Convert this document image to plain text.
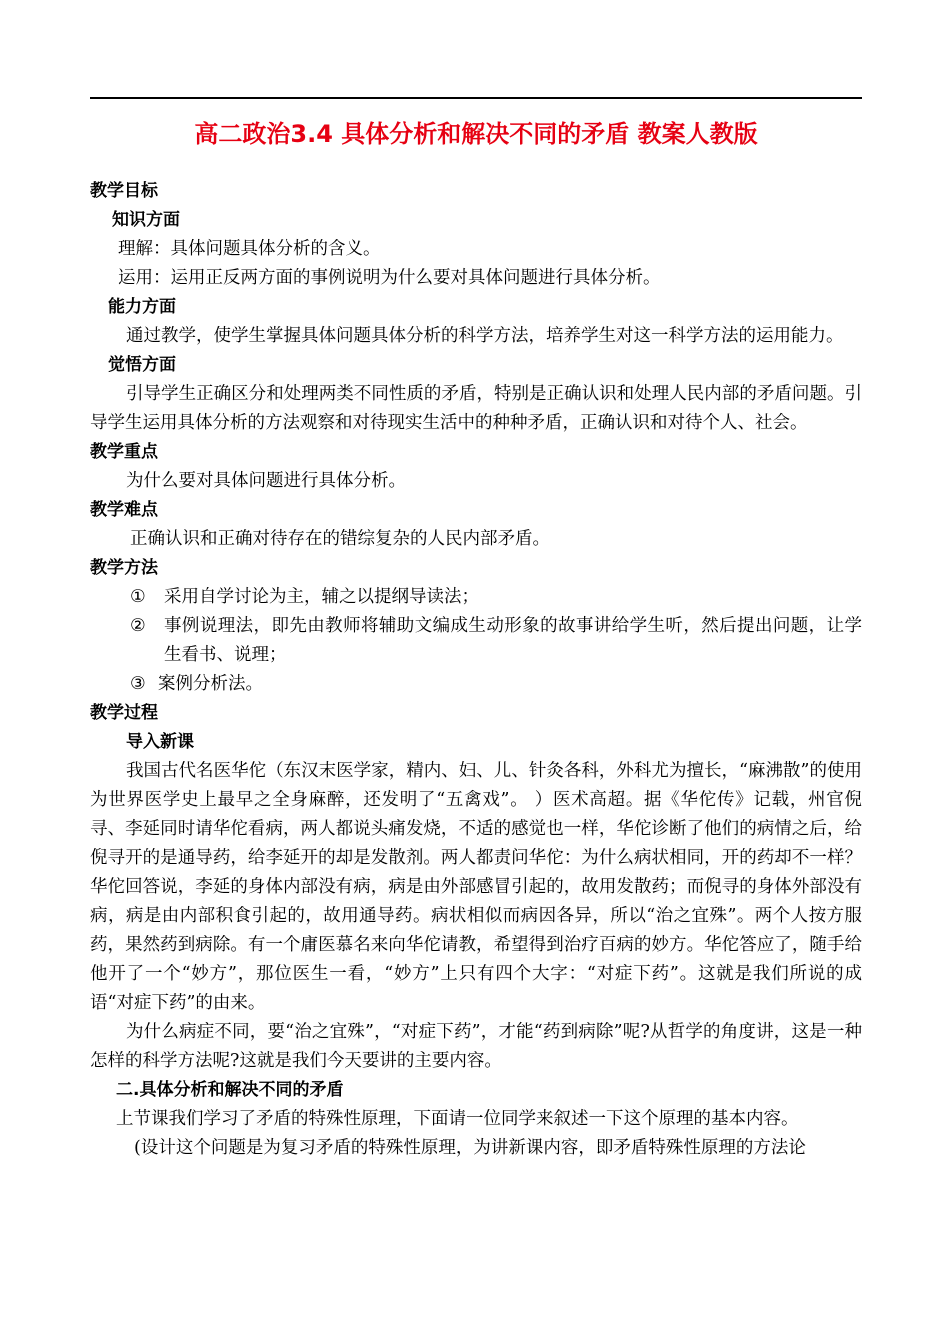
高二政治3.4 具体分析和解决不同的矛盾 教案人教版

教学目标

知识方面

理解：具体问题具体分析的含义。

运用：运用正反两方面的事例说明为什么要对具体问题进行具体分析。

能力方面

通过教学，使学生掌握具体问题具体分析的科学方法，培养学生对这一科学方法的运用能力。

觉悟方面

引导学生正确区分和处理两类不同性质的矛盾，特别是正确认识和处理人民内部的矛盾问题。引导学生运用具体分析的方法观察和对待现实生活中的种种矛盾，正确认识和对待个人、社会。

教学重点

为什么要对具体问题进行具体分析。

教学难点

正确认识和正确对待存在的错综复杂的人民内部矛盾。

教学方法

①	采用自学讨论为主，辅之以提纲导读法；
②	事例说理法，即先由教师将辅助文编成生动形象的故事讲给学生听，然后提出问题，让学生看书、说理；
③ 案例分析法。

教学过程

导入新课

我国古代名医华佗（东汉末医学家，精内、妇、儿、针灸各科，外科尤为擅长，“麻沸散”的使用为世界医学史上最早之全身麻醉，还发明了“五禽戏”。 ）医术高超。据《华佗传》记载，州官倪寻、李延同时请华佗看病，两人都说头痛发烧，不适的感觉也一样，华佗诊断了他们的病情之后，给倪寻开的是通导药，给李延开的却是发散剂。两人都责问华佗：为什么病状相同，开的药却不一样？华佗回答说，李延的身体内部没有病，病是由外部感冒引起的，故用发散药；而倪寻的身体外部没有病，病是由内部积食引起的，故用通导药。病状相似而病因各异，所以“治之宜殊”。两个人按方服药，果然药到病除。有一个庸医慕名来向华佗请教，希望得到治疗百病的妙方。华佗答应了，随手给他开了一个“妙方”，那位医生一看，“妙方”上只有四个大字：“对症下药”。这就是我们所说的成语“对症下药”的由来。

为什么病症不同，要“治之宜殊”，“对症下药”，才能“药到病除”呢?从哲学的角度讲，这是一种怎样的科学方法呢?这就是我们今天要讲的主要内容。

二.具体分析和解决不同的矛盾

上节课我们学习了矛盾的特殊性原理，下面请一位同学来叙述一下这个原理的基本内容。

(设计这个问题是为复习矛盾的特殊性原理，为讲新课内容，即矛盾特殊性原理的方法论
